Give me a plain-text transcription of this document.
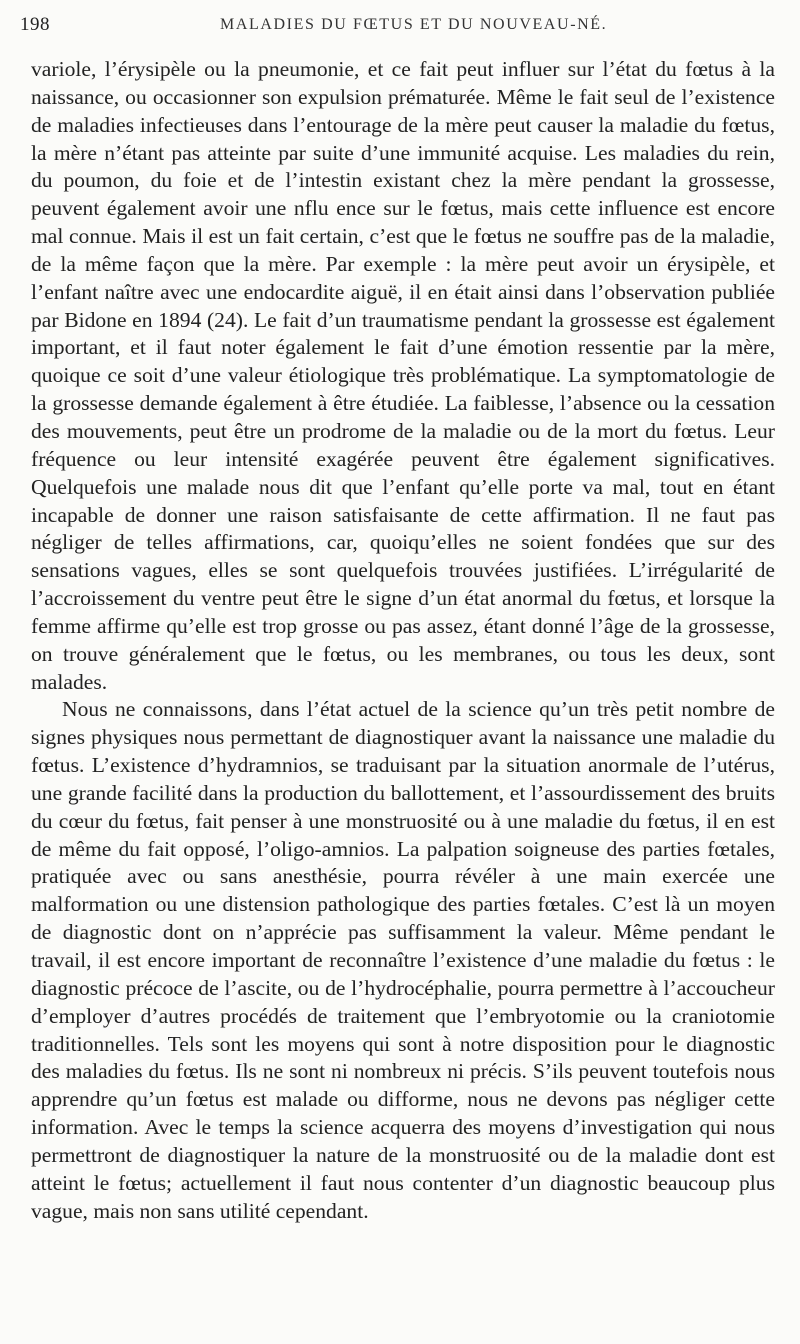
198	MALADIES DU FŒTUS ET DU NOUVEAU-NÉ.

variole, l’érysipèle ou la pneumonie, et ce fait peut influer sur l’état du fœtus à la naissance, ou occasionner son expulsion prématurée. Même le fait seul de l’existence de maladies infectieuses dans l’entourage de la mère peut causer la maladie du fœtus, la mère n’étant pas atteinte par suite d’une immunité acquise. Les maladies du rein, du poumon, du foie et de l’intestin existant chez la mère pendant la grossesse, peuvent également avoir une nflu ence sur le fœtus, mais cette influence est encore mal connue. Mais il est un fait certain, c’est que le fœtus ne souffre pas de la maladie, de la même façon que la mère. Par exemple : la mère peut avoir un érysipèle, et l’enfant naître avec une endocardite aiguë, il en était ainsi dans l’observation publiée par Bidone en 1894 (24). Le fait d’un traumatisme pendant la grossesse est également important, et il faut noter également le fait d’une émotion ressentie par la mère, quoique ce soit d’une valeur étiologique très problématique. La symptomatologie de la grossesse demande également à être étudiée. La faiblesse, l’absence ou la cessation des mouvements, peut être un prodrome de la maladie ou de la mort du fœtus. Leur fréquence ou leur intensité exagérée peuvent être également significatives. Quelquefois une malade nous dit que l’enfant qu’elle porte va mal, tout en étant incapable de donner une raison satisfaisante de cette affirmation. Il ne faut pas négliger de telles affirmations, car, quoiqu’elles ne soient fondées que sur des sensations vagues, elles se sont quelquefois trouvées justifiées. L’irrégularité de l’accroissement du ventre peut être le signe d’un état anormal du fœtus, et lorsque la femme affirme qu’elle est trop grosse ou pas assez, étant donné l’âge de la grossesse, on trouve généralement que le fœtus, ou les membranes, ou tous les deux, sont malades.

Nous ne connaissons, dans l’état actuel de la science qu’un très petit nombre de signes physiques nous permettant de diagnostiquer avant la naissance une maladie du fœtus. L’existence d’hydramnios, se traduisant par la situation anormale de l’utérus, une grande facilité dans la production du ballottement, et l’assourdissement des bruits du cœur du fœtus, fait penser à une monstruosité ou à une maladie du fœtus, il en est de même du fait opposé, l’oligo-amnios. La palpation soigneuse des parties fœtales, pratiquée avec ou sans anesthésie, pourra révéler à une main exercée une malformation ou une distension pathologique des parties fœtales. C’est là un moyen de diagnostic dont on n’apprécie pas suffisamment la valeur. Même pendant le travail, il est encore important de reconnaître l’existence d’une maladie du fœtus : le diagnostic précoce de l’ascite, ou de l’hydrocéphalie, pourra permettre à l’accoucheur d’employer d’autres procédés de traitement que l’embryotomie ou la craniotomie traditionnelles. Tels sont les moyens qui sont à notre disposition pour le diagnostic des maladies du fœtus. Ils ne sont ni nombreux ni précis. S’ils peuvent toutefois nous apprendre qu’un fœtus est malade ou difforme, nous ne devons pas négliger cette information. Avec le temps la science acquerra des moyens d’investigation qui nous permettront de diagnostiquer la nature de la monstruosité ou de la maladie dont est atteint le fœtus; actuellement il faut nous contenter d’un diagnostic beaucoup plus vague, mais non sans utilité cependant.
